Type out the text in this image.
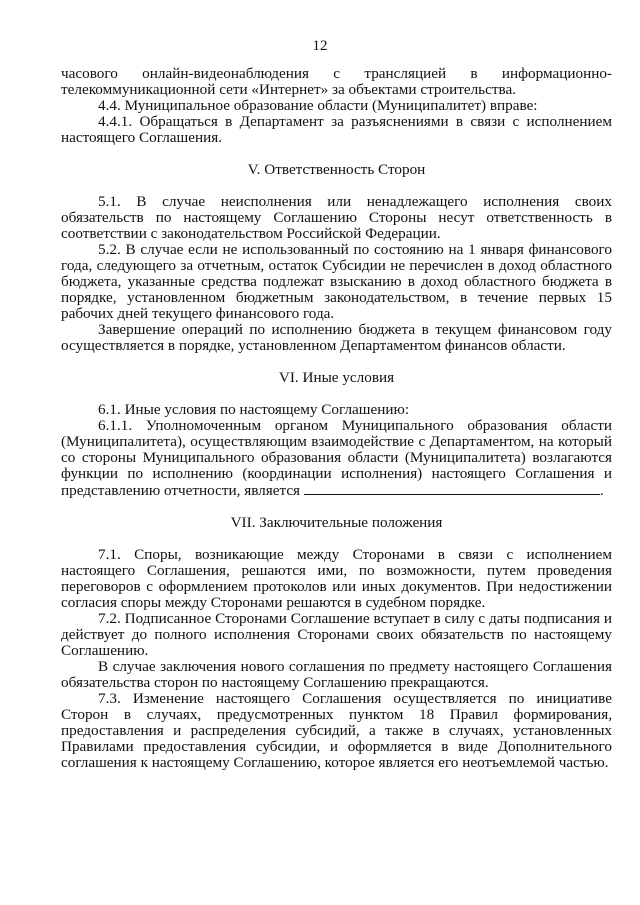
12

часового онлайн-видеонаблюдения с трансляцией в информационно-телекоммуникационной сети «Интернет» за объектами строительства.

4.4. Муниципальное образование области (Муниципалитет) вправе:

4.4.1. Обращаться в Департамент за разъяснениями в связи с исполнением настоящего Соглашения.

V. Ответственность Сторон

5.1. В случае неисполнения или ненадлежащего исполнения своих обязательств по настоящему Соглашению Стороны несут ответственность в соответствии с законодательством Российской Федерации.

5.2. В случае если не использованный по состоянию на 1 января финансового года, следующего за отчетным, остаток Субсидии не перечислен в доход областного бюджета, указанные средства подлежат взысканию в доход областного бюджета в порядке, установленном бюджетным законодательством, в течение первых 15 рабочих дней текущего финансового года.

Завершение операций по исполнению бюджета в текущем финансовом году осуществляется в порядке, установленном Департаментом финансов области.

VI. Иные условия

6.1. Иные условия по настоящему Соглашению:

6.1.1. Уполномоченным органом Муниципального образования области (Муниципалитета), осуществляющим взаимодействие с Департаментом, на который со стороны Муниципального образования области (Муниципалитета) возлагаются функции по исполнению (координации исполнения) настоящего Соглашения и представлению отчетности, является	.

VII. Заключительные положения

7.1. Споры, возникающие между Сторонами в связи с исполнением настоящего Соглашения, решаются ими, по возможности, путем проведения переговоров с оформлением протоколов или иных документов. При недостижении согласия споры между Сторонами решаются в судебном порядке.

7.2. Подписанное Сторонами Соглашение вступает в силу с даты подписания и действует до полного исполнения Сторонами своих обязательств по настоящему Соглашению.

В случае заключения нового соглашения по предмету настоящего Соглашения обязательства сторон по настоящему Соглашению прекращаются.

7.3. Изменение настоящего Соглашения осуществляется по инициативе Сторон в случаях, предусмотренных пунктом 18 Правил формирования, предоставления и распределения субсидий, а также в случаях, установленных Правилами предоставления субсидии, и оформляется в виде Дополнительного соглашения к настоящему Соглашению, которое является его неотъемлемой частью.
